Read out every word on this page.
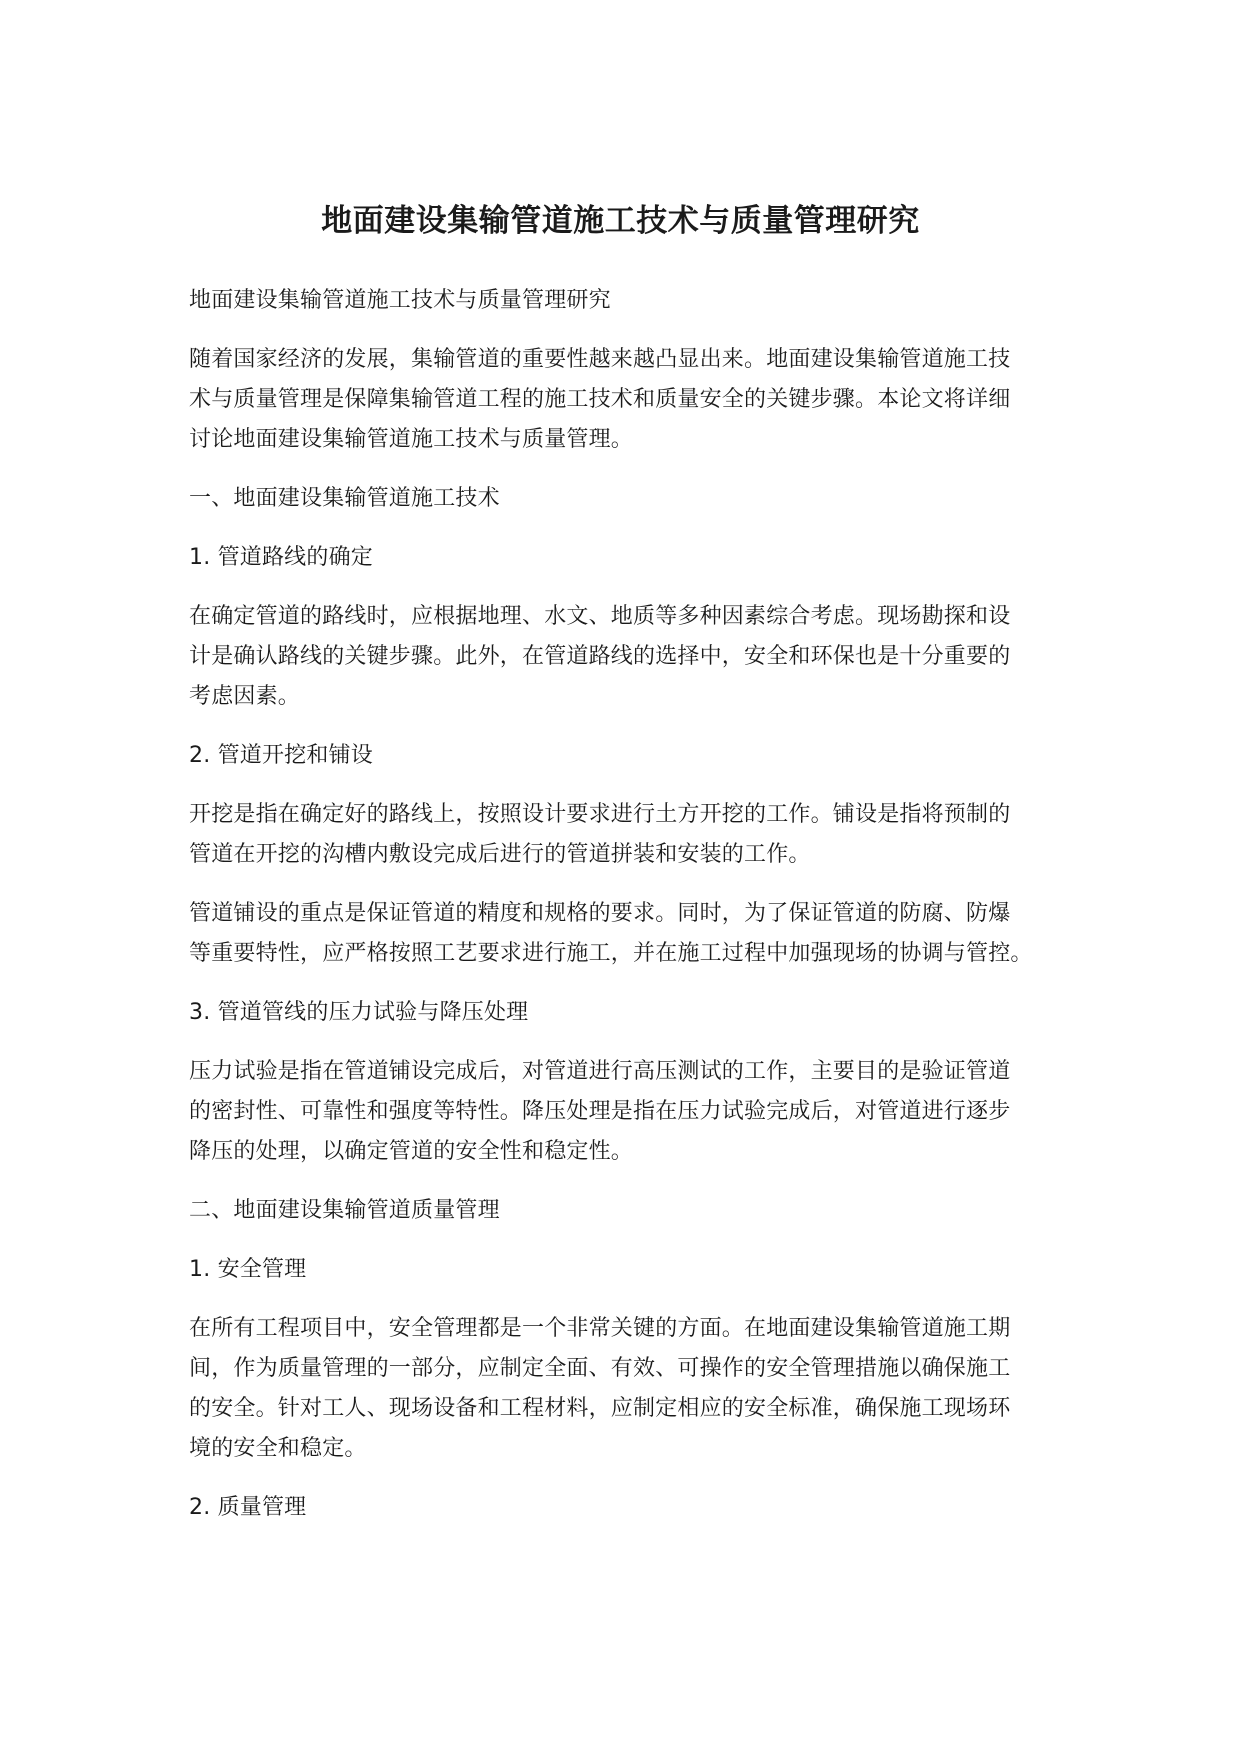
地面建设集输管道施工技术与质量管理研究

地面建设集输管道施工技术与质量管理研究

随着国家经济的发展，集输管道的重要性越来越凸显出来。地面建设集输管道施工技
术与质量管理是保障集输管道工程的施工技术和质量安全的关键步骤。本论文将详细
讨论地面建设集输管道施工技术与质量管理。

一、地面建设集输管道施工技术

1. 管道路线的确定

在确定管道的路线时，应根据地理、水文、地质等多种因素综合考虑。现场勘探和设
计是确认路线的关键步骤。此外，在管道路线的选择中，安全和环保也是十分重要的
考虑因素。

2. 管道开挖和铺设

开挖是指在确定好的路线上，按照设计要求进行土方开挖的工作。铺设是指将预制的
管道在开挖的沟槽内敷设完成后进行的管道拼装和安装的工作。

管道铺设的重点是保证管道的精度和规格的要求。同时，为了保证管道的防腐、防爆
等重要特性，应严格按照工艺要求进行施工，并在施工过程中加强现场的协调与管控。

3. 管道管线的压力试验与降压处理

压力试验是指在管道铺设完成后，对管道进行高压测试的工作，主要目的是验证管道
的密封性、可靠性和强度等特性。降压处理是指在压力试验完成后，对管道进行逐步
降压的处理，以确定管道的安全性和稳定性。

二、地面建设集输管道质量管理

1. 安全管理

在所有工程项目中，安全管理都是一个非常关键的方面。在地面建设集输管道施工期
间，作为质量管理的一部分，应制定全面、有效、可操作的安全管理措施以确保施工
的安全。针对工人、现场设备和工程材料，应制定相应的安全标准，确保施工现场环
境的安全和稳定。

2. 质量管理
